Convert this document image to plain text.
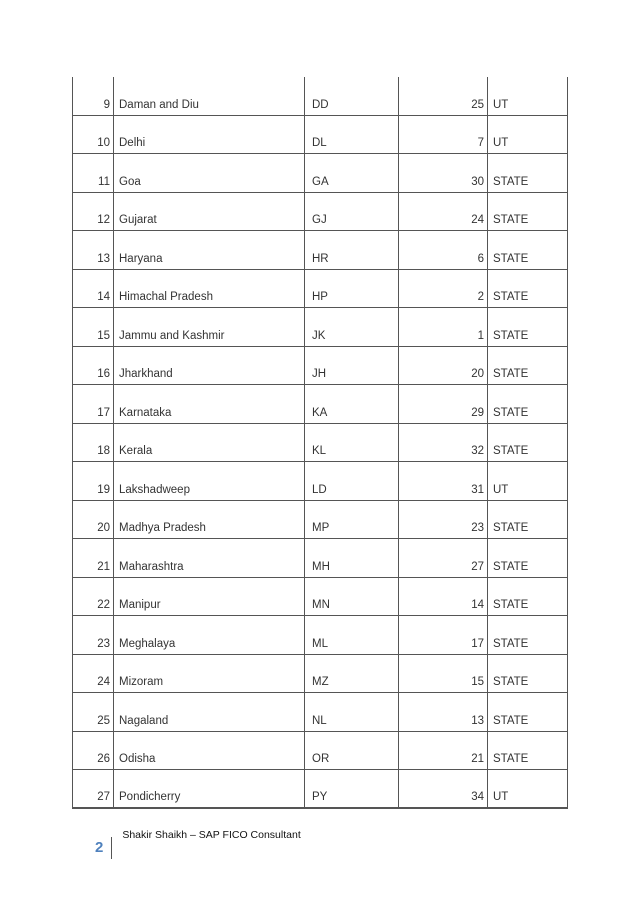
9 Daman and Diu	DD	25 UT
10 Delhi	DL	7 UT
11 Goa	GA	30 STATE
12 Gujarat	GJ	24 STATE
13 Haryana	HR	6 STATE
14 Himachal Pradesh	HP	2 STATE
15 Jammu and Kashmir	JK	1 STATE
16 Jharkhand	JH	20 STATE
17 Karnataka	KA	29 STATE
18 Kerala	KL	32 STATE
19 Lakshadweep	LD	31 UT
20 Madhya Pradesh	MP	23 STATE
21 Maharashtra	MH	27 STATE
22 Manipur	MN	14 STATE
23 Meghalaya	ML	17 STATE
24 Mizoram	MZ	15 STATE
25 Nagaland	NL	13 STATE
26 Odisha	OR	21 STATE
27 Pondicherry	PY	34 UT
2
Shakir Shaikh – SAP FICO Consultant
